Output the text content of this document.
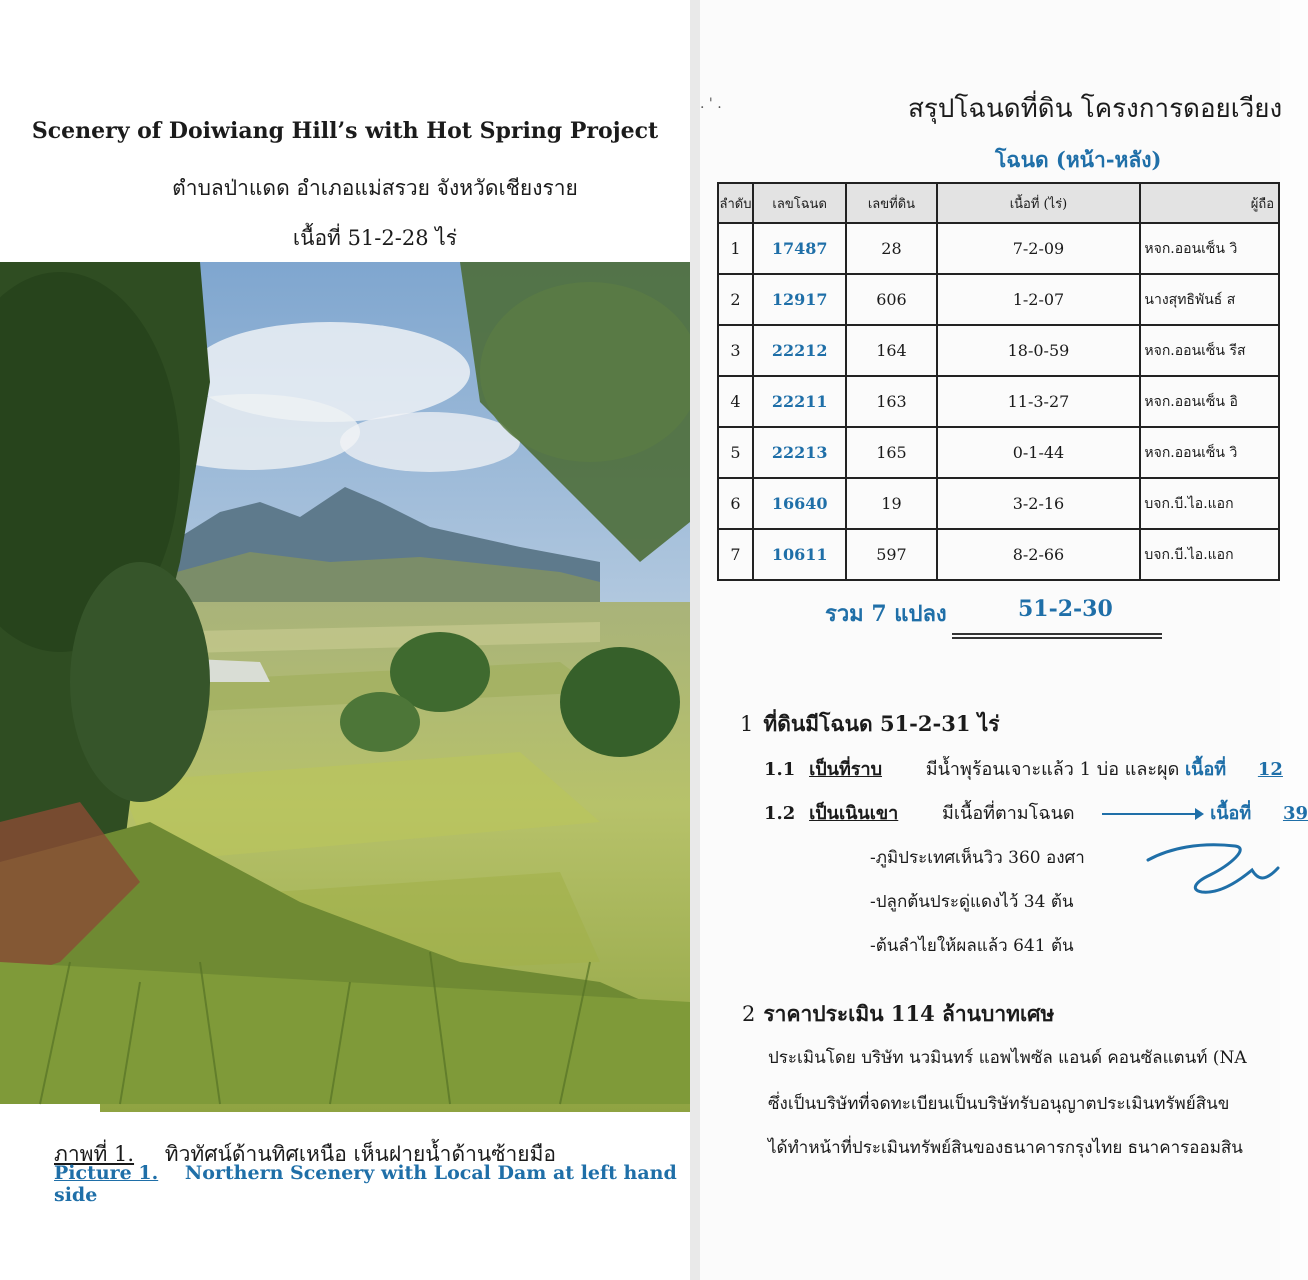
Scenery of Doiwiang Hill’s with Hot Spring Project
ตำบลป่าแดด อำเภอแม่สรวย จังหวัดเชียงราย
เนื้อที่ 51-2-28 ไร่
ภาพที่ 1. ทิวทัศน์ด้านทิศเหนือ เห็นฝายน้ำด้านซ้ายมือ
Picture 1. Northern Scenery with Local Dam at left hand side
. ' .	สรุปโฉนดที่ดิน โครงการดอยเวียง
โฉนด (หน้า-หลัง)
ลำดับ	เลขโฉนด	เลขที่ดิน	เนื้อที่ (ไร่)	ผู้ถือ
1	17487	28	7-2-09	หจก.ออนเซ็น วิ
2	12917	606	1-2-07	นางสุทธิพันธ์ ส
3	22212	164	18-0-59	หจก.ออนเซ็น รีส
4	22211	163	11-3-27	หจก.ออนเซ็น อิ
5	22213	165	0-1-44	หจก.ออนเซ็น วิ
6	16640	19	3-2-16	บจก.บี.ไอ.แอก
7	10611	597	8-2-66	บจก.บี.ไอ.แอก
รวม 7 แปลง	51-2-30
1 ที่ดินมีโฉนด 51-2-31 ไร่
1.1 เป็นที่ราบ มีน้ำพุร้อนเจาะแล้ว 1 บ่อ และผุด เนื้อที่ 12
1.2 เป็นเนินเขา มีเนื้อที่ตามโฉนด	เนื้อที่ 39
-ภูมิประเทศเห็นวิว 360 องศา
-ปลูกต้นประดู่แดงไว้ 34 ต้น
-ต้นลำไยให้ผลแล้ว 641 ต้น
2 ราคาประเมิน 114 ล้านบาทเศษ
ประเมินโดย บริษัท นวมินทร์ แอพไพซัล แอนด์ คอนซัลแตนท์ (NA
ซึ่งเป็นบริษัทที่จดทะเบียนเป็นบริษัทรับอนุญาตประเมินทรัพย์สินข
ได้ทำหน้าที่ประเมินทรัพย์สินของธนาคารกรุงไทย ธนาคารออมสิน
